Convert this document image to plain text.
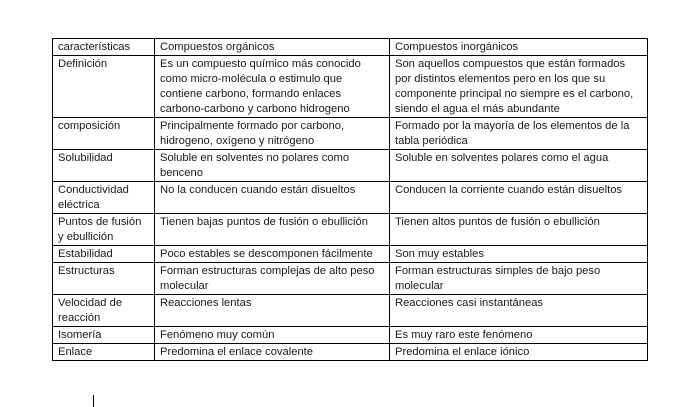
características	Compuestos orgánicos	Compuestos inorgánicos
Definición	Es un compuesto químico más conocido como micro-molécula o estimulo que contiene carbono, formando enlaces carbono-carbono y carbono hidrogeno	Son aquellos compuestos que están formados por distintos elementos pero en los que su componente principal no siempre es el carbono, siendo el agua el más abundante
composición	Principalmente formado por carbono, hidrogeno, oxígeno y nitrógeno	Formado por la mayoría de los elementos de la tabla periódica
Solubilidad	Soluble en solventes no polares como benceno	Soluble en solventes polares como el agua
Conductividad eléctrica	No la conducen cuando están disueltos	Conducen la corriente cuando están disueltos
Puntos de fusión y ebullición	Tienen bajas puntos de fusión o ebullición	Tienen altos puntos de fusión o ebullición
Estabilidad	Poco estables se descomponen fácilmente	Son muy estables
Estructuras	Forman estructuras complejas de alto peso molecular	Forman estructuras simples de bajo peso molecular
Velocidad de reacción	Reacciones lentas	Reacciones casi instantáneas
Isomería	Fenómeno muy común	Es muy raro este fenómeno
Enlace	Predomina el enlace covalente	Predomina el enlace iónico
